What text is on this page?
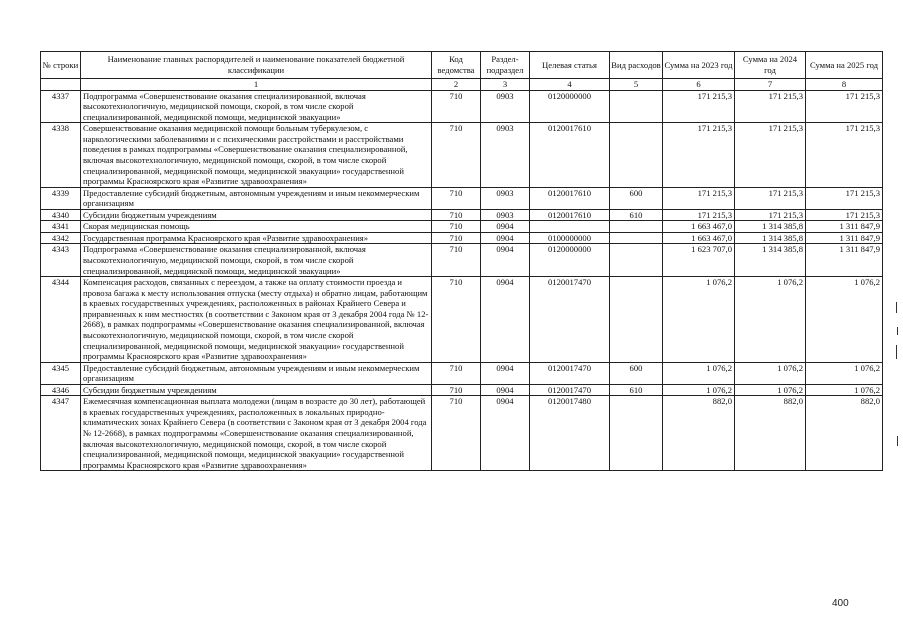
№ строки	Наименование главных распорядителей и наименование показателей бюджетной классификации	Код ведомства	Раздел-подраздел	Целевая статья	Вид расходов	Сумма на 2023 год	Сумма на 2024 год	Сумма на 2025 год
	1	2	3	4	5	6	7	8
4337	Подпрограмма «Совершенствование оказания специализированной, включая высокотехнологичную, медицинской помощи, скорой, в том числе скорой специализированной, медицинской помощи, медицинской эвакуации»	710	0903	0120000000		171 215,3	171 215,3	171 215,3
4338	Совершенствование оказания медицинской помощи больным туберкулезом, с наркологическими заболеваниями и с психическими расстройствами и расстройствами поведения в рамках подпрограммы «Совершенствование оказания специализированной, включая высокотехнологичную, медицинской помощи, скорой, в том числе скорой специализированной, медицинской помощи, медицинской эвакуации» государственной программы Красноярского края «Развитие здравоохранения»	710	0903	0120017610		171 215,3	171 215,3	171 215,3
4339	Предоставление субсидий бюджетным, автономным учреждениям и иным некоммерческим организациям	710	0903	0120017610	600	171 215,3	171 215,3	171 215,3
4340	Субсидии бюджетным учреждениям	710	0903	0120017610	610	171 215,3	171 215,3	171 215,3
4341	Скорая медицинская помощь	710	0904			1 663 467,0	1 314 385,8	1 311 847,9
4342	Государственная программа Красноярского края «Развитие здравоохранения»	710	0904	0100000000		1 663 467,0	1 314 385,8	1 311 847,9
4343	Подпрограмма «Совершенствование оказания специализированной, включая высокотехнологичную, медицинской помощи, скорой, в том числе скорой специализированной, медицинской помощи, медицинской эвакуации»	710	0904	0120000000		1 623 707,0	1 314 385,8	1 311 847,9
4344	Компенсация расходов, связанных с переездом, а также на оплату стоимости проезда и провоза багажа к месту использования отпуска (месту отдыха) и обратно лицам, работающим в краевых государственных учреждениях, расположенных в районах Крайнего Севера и приравненных к ним местностях (в соответствии с Законом края от 3 декабря 2004 года № 12-2668), в рамках подпрограммы «Совершенствование оказания специализированной, включая высокотехнологичную, медицинской помощи, скорой, в том числе скорой специализированной, медицинской помощи, медицинской эвакуации» государственной программы Красноярского края «Развитие здравоохранения»	710	0904	0120017470		1 076,2	1 076,2	1 076,2
4345	Предоставление субсидий бюджетным, автономным учреждениям и иным некоммерческим организациям	710	0904	0120017470	600	1 076,2	1 076,2	1 076,2
4346	Субсидии бюджетным учреждениям	710	0904	0120017470	610	1 076,2	1 076,2	1 076,2
4347	Ежемесячная компенсационная выплата молодежи (лицам в возрасте до 30 лет), работающей в краевых государственных учреждениях, расположенных в локальных природно-климатических зонах Крайнего Севера (в соответствии с Законом края от 3 декабря 2004 года № 12-2668), в рамках подпрограммы «Совершенствование оказания специализированной, включая высокотехнологичную, медицинской помощи, скорой, в том числе скорой специализированной, медицинской помощи, медицинской эвакуации» государственной программы Красноярского края «Развитие здравоохранения»	710	0904	0120017480		882,0	882,0	882,0
400
